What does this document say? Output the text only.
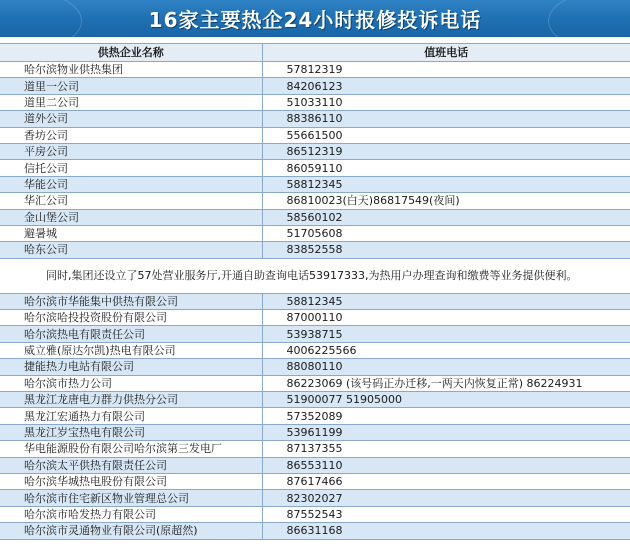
16家主要热企24小时报修投诉电话
供热企业名称	值班电话
哈尔滨物业供热集团	57812319
道里一公司	84206123
道里二公司	51033110
道外公司	88386110
香坊公司	55661500
平房公司	86512319
信托公司	86059110
华能公司	58812345
华汇公司	86810023(白天)86817549(夜间)
金山堡公司	58560102
避暑城	51705608
哈东公司	83852558
同时,集团还设立了57处营业服务厅,开通自助查询电话53917333,为热用户办理查询和缴费等业务提供便利。	
哈尔滨市华能集中供热有限公司	58812345
哈尔滨哈投投资股份有限公司	87000110
哈尔滨热电有限责任公司	53938715
威立雅(原达尔凯)热电有限公司	4006225566
捷能热力电站有限公司	88080110
哈尔滨市热力公司	86223069 (该号码正办迁移,一两天内恢复正常) 86224931
黑龙江龙唐电力群力供热分公司	51900077 51905000
黑龙江宏通热力有限公司	57352089
黑龙江岁宝热电有限公司	53961199
华电能源股份有限公司哈尔滨第三发电厂	87137355
哈尔滨太平供热有限责任公司	86553110
哈尔滨华城热电股份有限公司	87617466
哈尔滨市住宅新区物业管理总公司	82302027
哈尔滨市哈发热力有限公司	87552543
哈尔滨市灵通物业有限公司(原超然)	86631168
